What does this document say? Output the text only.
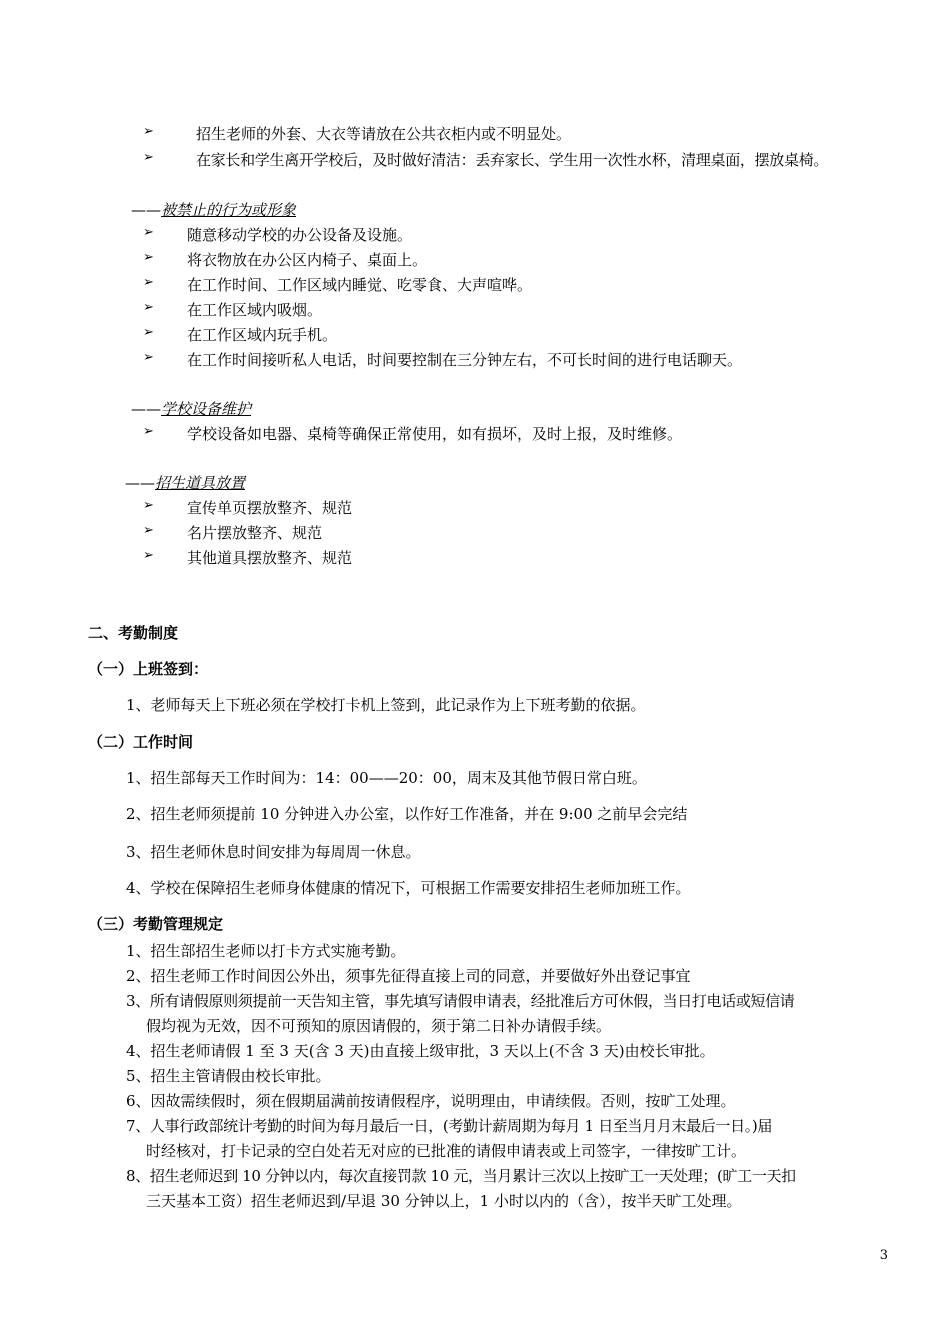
➢	招生老师的外套、大衣等请放在公共衣柜内或不明显处。
➢	在家长和学生离开学校后，及时做好清洁：丢弃家长、学生用一次性水杯，清理桌面，摆放桌椅。
——被禁止的行为或形象
➢ 随意移动学校的办公设备及设施。
➢ 将衣物放在办公区内椅子、桌面上。
➢ 在工作时间、工作区域内睡觉、吃零食、大声喧哗。
➢ 在工作区域内吸烟。
➢ 在工作区域内玩手机。
➢ 在工作时间接听私人电话，时间要控制在三分钟左右，不可长时间的进行电话聊天。
——学校设备维护
➢ 学校设备如电器、桌椅等确保正常使用，如有损坏，及时上报，及时维修。
——招生道具放置
➢ 宣传单页摆放整齐、规范
➢ 名片摆放整齐、规范
➢ 其他道具摆放整齐、规范
二、考勤制度
（一）上班签到：
1、老师每天上下班必须在学校打卡机上签到，此记录作为上下班考勤的依据。
（二）工作时间
1、招生部每天工作时间为：14：00——20：00，周末及其他节假日常白班。
2、招生老师须提前 10 分钟进入办公室，以作好工作准备，并在 9:00 之前早会完结
3、招生老师休息时间安排为每周周一休息。
4、学校在保障招生老师身体健康的情况下，可根据工作需要安排招生老师加班工作。
（三）考勤管理规定
1、招生部招生老师以打卡方式实施考勤。
2、招生老师工作时间因公外出，须事先征得直接上司的同意，并要做好外出登记事宜
3、所有请假原则须提前一天告知主管，事先填写请假申请表，经批准后方可休假，当日打电话或短信请
假均视为无效，因不可预知的原因请假的，须于第二日补办请假手续。
4、招生老师请假 1 至 3 天(含 3 天)由直接上级审批，3 天以上(不含 3 天)由校长审批。
5、招生主管请假由校长审批。
6、因故需续假时，须在假期届满前按请假程序，说明理由，申请续假。否则，按旷工处理。
7、人事行政部统计考勤的时间为每月最后一日，(考勤计薪周期为每月 1 日至当月月末最后一日。)届
时经核对，打卡记录的空白处若无对应的已批准的请假申请表或上司签字，一律按旷工计。
8、招生老师迟到 10 分钟以内，每次直接罚款 10 元，当月累计三次以上按旷工一天处理；(旷工一天扣
三天基本工资）招生老师迟到/早退 30 分钟以上，1 小时以内的（含），按半天旷工处理。
3
